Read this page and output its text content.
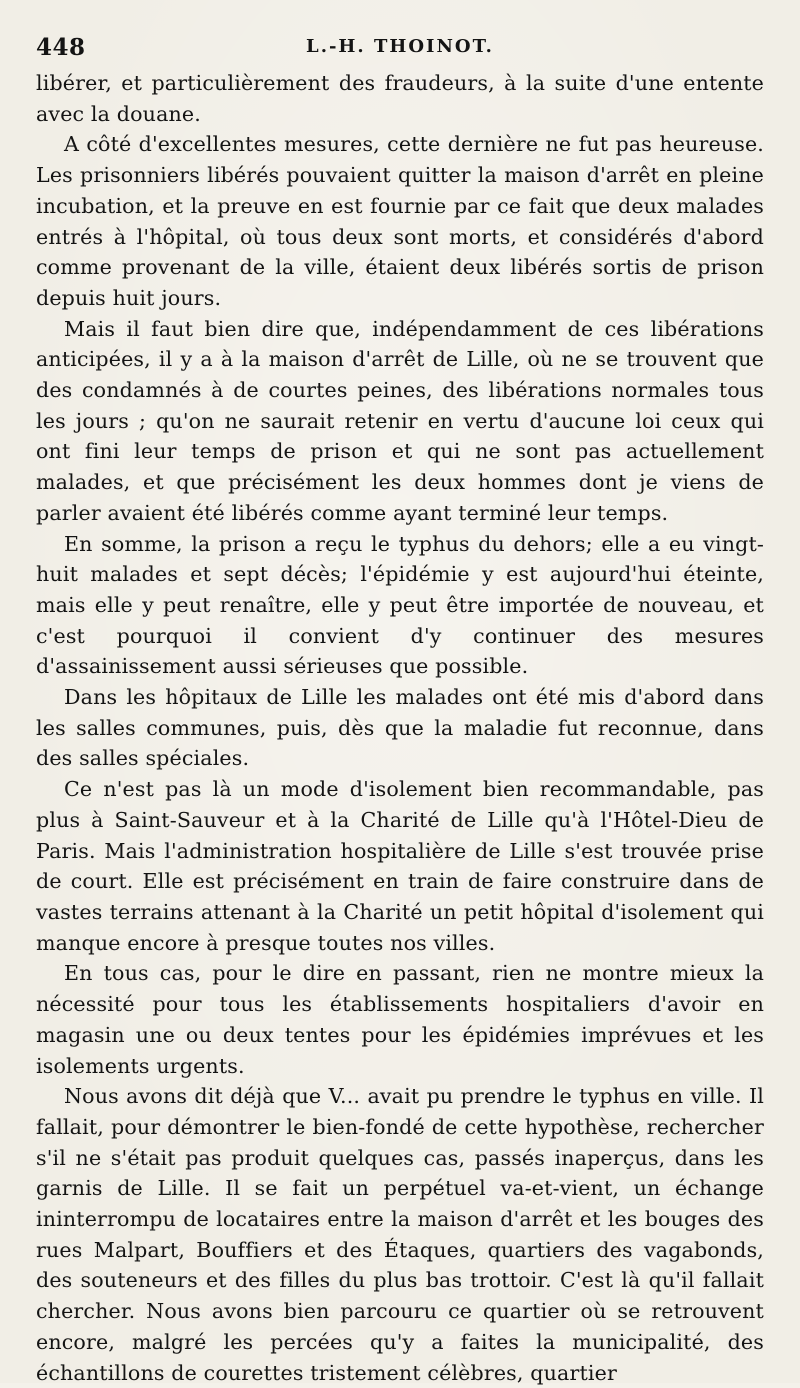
448	L.-H. THOINOT.

libérer, et particulièrement des fraudeurs, à la suite d'une entente avec la douane.

A côté d'excellentes mesures, cette dernière ne fut pas heureuse. Les prisonniers libérés pouvaient quitter la maison d'arrêt en pleine incubation, et la preuve en est fournie par ce fait que deux malades entrés à l'hôpital, où tous deux sont morts, et considérés d'abord comme provenant de la ville, étaient deux libérés sortis de prison depuis huit jours.

Mais il faut bien dire que, indépendamment de ces libérations anticipées, il y a à la maison d'arrêt de Lille, où ne se trouvent que des condamnés à de courtes peines, des libérations normales tous les jours ; qu'on ne saurait retenir en vertu d'aucune loi ceux qui ont fini leur temps de prison et qui ne sont pas actuellement malades, et que précisément les deux hommes dont je viens de parler avaient été libérés comme ayant terminé leur temps.

En somme, la prison a reçu le typhus du dehors; elle a eu vingt-huit malades et sept décès; l'épidémie y est aujourd'hui éteinte, mais elle y peut renaître, elle y peut être importée de nouveau, et c'est pourquoi il convient d'y continuer des mesures d'assainissement aussi sérieuses que possible.

Dans les hôpitaux de Lille les malades ont été mis d'abord dans les salles communes, puis, dès que la maladie fut reconnue, dans des salles spéciales.

Ce n'est pas là un mode d'isolement bien recommandable, pas plus à Saint-Sauveur et à la Charité de Lille qu'à l'Hôtel-Dieu de Paris. Mais l'administration hospitalière de Lille s'est trouvée prise de court. Elle est précisément en train de faire construire dans de vastes terrains attenant à la Charité un petit hôpital d'isolement qui manque encore à presque toutes nos villes.

En tous cas, pour le dire en passant, rien ne montre mieux la nécessité pour tous les établissements hospitaliers d'avoir en magasin une ou deux tentes pour les épidémies imprévues et les isolements urgents.

Nous avons dit déjà que V... avait pu prendre le typhus en ville. Il fallait, pour démontrer le bien-fondé de cette hypothèse, rechercher s'il ne s'était pas produit quelques cas, passés inaperçus, dans les garnis de Lille. Il se fait un perpétuel va-et-vient, un échange ininterrompu de locataires entre la maison d'arrêt et les bouges des rues Malpart, Bouffiers et des Étaques, quartiers des vagabonds, des souteneurs et des filles du plus bas trottoir. C'est là qu'il fallait chercher. Nous avons bien parcouru ce quartier où se retrouvent encore, malgré les percées qu'y a faites la municipalité, des échantillons de courettes tristement célèbres, quartier
